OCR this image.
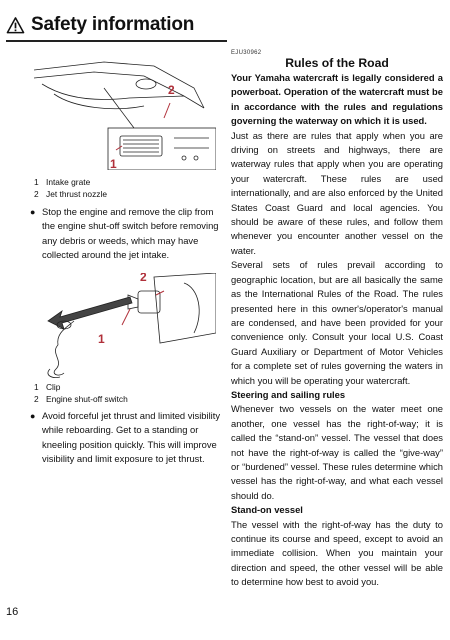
Safety information
2
1
1 Intake grate
2 Jet thrust nozzle
● Stop the engine and remove the clip from the engine shut-off switch before removing any debris or weeds, which may have collected around the jet intake.
1
2
1 Clip
2 Engine shut-off switch
● Avoid forceful jet thrust and limited visibility while reboarding. Get to a standing or kneeling position quickly. This will improve visibility and limit exposure to jet thrust.
EJU30962
Rules of the Road

Your Yamaha watercraft is legally considered a powerboat. Operation of the watercraft must be in accordance with the rules and regulations governing the waterway on which it is used.

Just as there are rules that apply when you are driving on streets and highways, there are waterway rules that apply when you are operating your watercraft. These rules are used internationally, and are also enforced by the United States Coast Guard and local agencies. You should be aware of these rules, and follow them whenever you encounter another vessel on the water.

Several sets of rules prevail according to geographic location, but are all basically the same as the International Rules of the Road. The rules presented here in this owner's/operator's manual are condensed, and have been provided for your convenience only. Consult your local U.S. Coast Guard Auxiliary or Department of Motor Vehicles for a complete set of rules governing the waters in which you will be operating your watercraft.

Steering and sailing rules

Whenever two vessels on the water meet one another, one vessel has the right-of-way; it is called the “stand-on” vessel. The vessel that does not have the right-of-way is called the “give-way” or “burdened” vessel. These rules determine which vessel has the right-of-way, and what each vessel should do.

Stand-on vessel

The vessel with the right-of-way has the duty to continue its course and speed, except to avoid an immediate collision. When you maintain your direction and speed, the other vessel will be able to determine how best to avoid you.

16
